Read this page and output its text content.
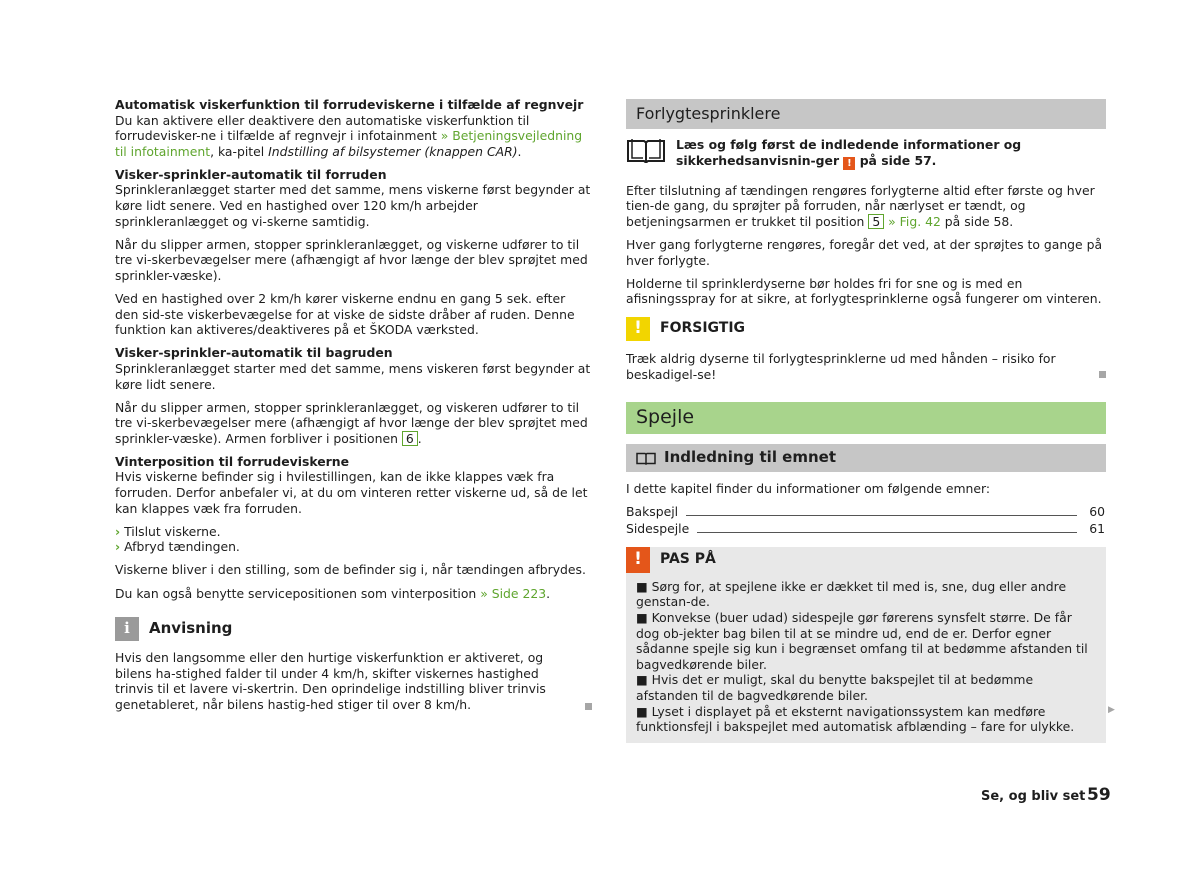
Automatisk viskerfunktion til forrudeviskerne i tilfælde af regnvejr
Du kan aktivere eller deaktivere den automatiske viskerfunktion til forrudevisker-ne i tilfælde af regnvejr i infotainment » Betjeningsvejledning til infotainment, ka-pitel Indstilling af bilsystemer (knappen CAR).

Visker-sprinkler-automatik til forruden
Sprinkleranlægget starter med det samme, mens viskerne først begynder at køre lidt senere. Ved en hastighed over 120 km/h arbejder sprinkleranlægget og vi-skerne samtidig.

Når du slipper armen, stopper sprinkleranlægget, og viskerne udfører to til tre vi-skerbevægelser mere (afhængigt af hvor længe der blev sprøjtet med sprinkler-væske).

Ved en hastighed over 2 km/h kører viskerne endnu en gang 5 sek. efter den sid-ste viskerbevægelse for at viske de sidste dråber af ruden. Denne funktion kan aktiveres/deaktiveres på et ŠKODA værksted.

Visker-sprinkler-automatik til bagruden
Sprinkleranlægget starter med det samme, mens viskeren først begynder at køre lidt senere.

Når du slipper armen, stopper sprinkleranlægget, og viskeren udfører to til tre vi-skerbevægelser mere (afhængigt af hvor længe der blev sprøjtet med sprinkler-væske). Armen forbliver i positionen 6 .

Vinterposition til forrudeviskerne
Hvis viskerne befinder sig i hvilestillingen, kan de ikke klappes væk fra forruden. Derfor anbefaler vi, at du om vinteren retter viskerne ud, så de let kan klappes væk fra forruden.

› Tilslut viskerne.

› Afbryd tændingen.

Viskerne bliver i den stilling, som de befinder sig i, når tændingen afbrydes.

Du kan også benytte servicepositionen som vinterposition » Side 223.

i	Anvisning
Hvis den langsomme eller den hurtige viskerfunktion er aktiveret, og bilens ha-stighed falder til under 4 km/h, skifter viskernes hastighed trinvis til et lavere vi-skertrin. Den oprindelige indstilling bliver trinvis genetableret, når bilens hastig-hed stiger til over 8 km/h.
Forlygtesprinklere
Læs og følg først de indledende informationer og sikkerhedsanvisnin-ger ! på side 57.

Efter tilslutning af tændingen rengøres forlygterne altid efter første og hver tien-de gang, du sprøjter på forruden, når nærlyset er tændt, og betjeningsarmen er trukket til position 5 » Fig. 42 på side 58.

Hver gang forlygterne rengøres, foregår det ved, at der sprøjtes to gange på hver forlygte.

Holderne til sprinklerdyserne bør holdes fri for sne og is med en afisningsspray for at sikre, at forlygtesprinklerne også fungerer om vinteren.

!	FORSIGTIG
Træk aldrig dyserne til forlygtesprinklerne ud med hånden – risiko for beskadigel-se!
Spejle
Indledning til emnet

I dette kapitel finder du informationer om følgende emner:

Bakspejl	60
Sidespejle	61
!	PAS PÅ
■ Sørg for, at spejlene ikke er dækket til med is, sne, dug eller andre genstan-de.
■ Konvekse (buer udad) sidespejle gør førerens synsfelt større. De får dog ob-jekter bag bilen til at se mindre ud, end de er. Derfor egner sådanne spejle sig kun i begrænset omfang til at bedømme afstanden til bagvedkørende biler.
■ Hvis det er muligt, skal du benytte bakspejlet til at bedømme afstanden til de bagvedkørende biler.
■ Lyset i displayet på et eksternt navigationssystem kan medføre funktionsfejl i bakspejlet med automatisk afblænding – fare for ulykke.
▶
Se, og bliv set 59
